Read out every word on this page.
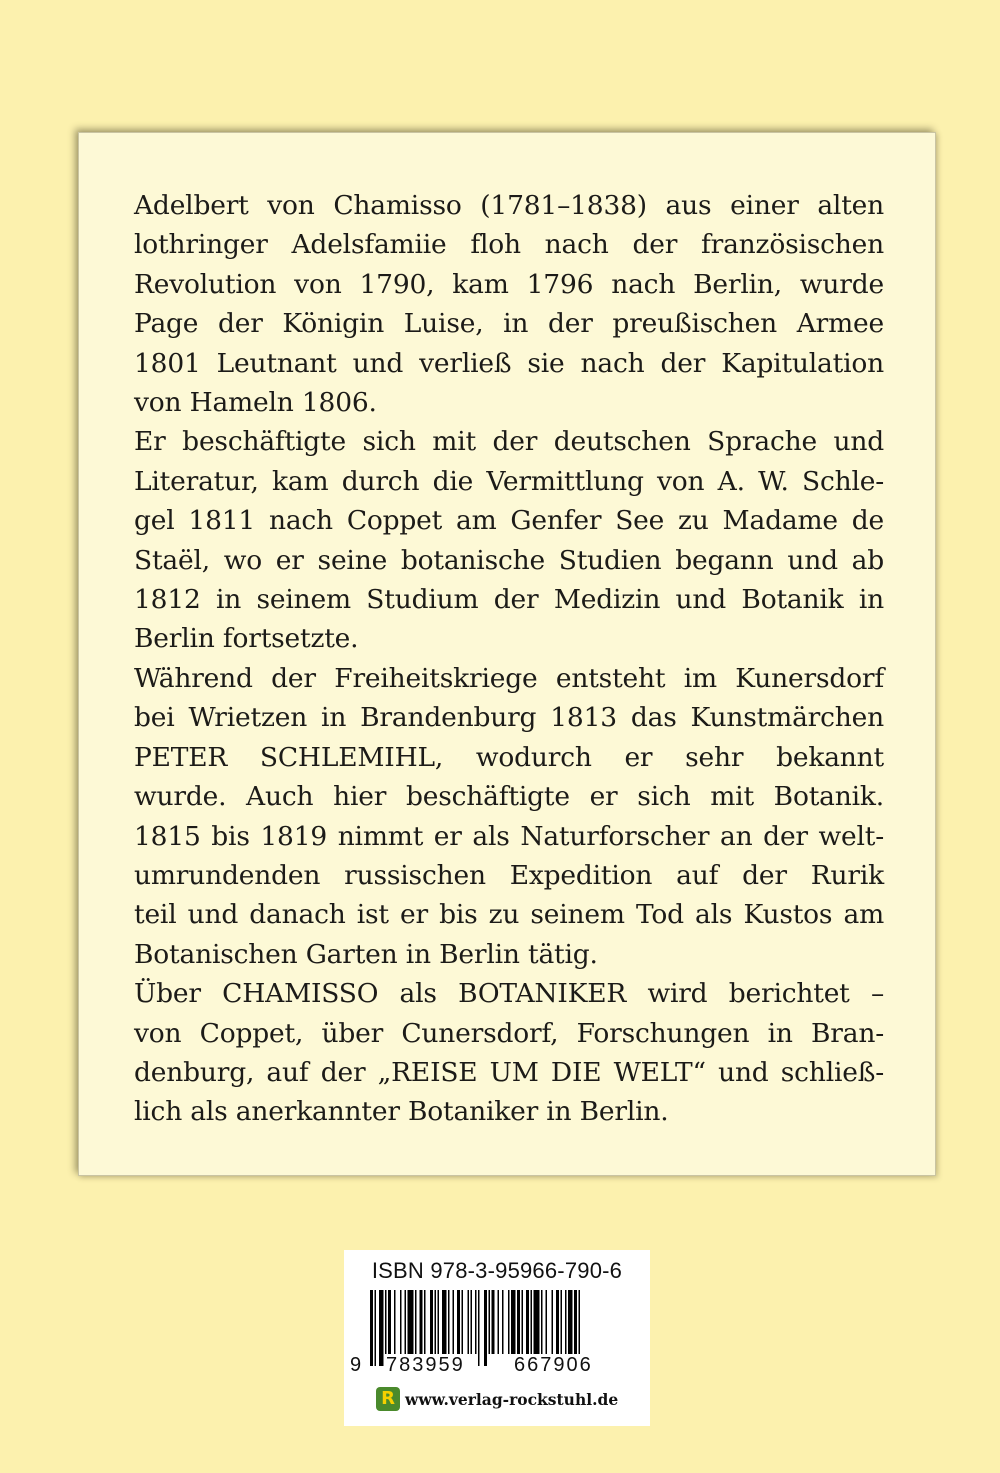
Adelbert von Chamisso (1781–1838) aus einer alten
lothringer Adelsfamiie floh nach der französischen
Revolution von 1790, kam 1796 nach Berlin, wurde
Page der Königin Luise, in der preußischen Armee
1801 Leutnant und verließ sie nach der Kapitulation
von Hameln 1806.
Er beschäftigte sich mit der deutschen Sprache und
Literatur, kam durch die Vermittlung von A. W. Schle-
gel 1811 nach Coppet am Genfer See zu Madame de
Staël, wo er seine botanische Studien begann und ab
1812 in seinem Studium der Medizin und Botanik in
Berlin fortsetzte.
Während der Freiheitskriege entsteht im Kunersdorf
bei Wrietzen in Brandenburg 1813 das Kunstmärchen
PETER SCHLEMIHL, wodurch er sehr bekannt
wurde. Auch hier beschäftigte er sich mit Botanik.
1815 bis 1819 nimmt er als Naturforscher an der welt-
umrundenden russischen Expedition auf der Rurik
teil und danach ist er bis zu seinem Tod als Kustos am
Botanischen Garten in Berlin tätig.
Über CHAMISSO als BOTANIKER wird berichtet –
von Coppet, über Cunersdorf, Forschungen in Bran-
denburg, auf der „REISE UM DIE WELT“ und schließ-
lich als anerkannter Botaniker in Berlin.
ISBN 978-3-95966-790-6
9 783959 667906
R www.verlag-rockstuhl.de
